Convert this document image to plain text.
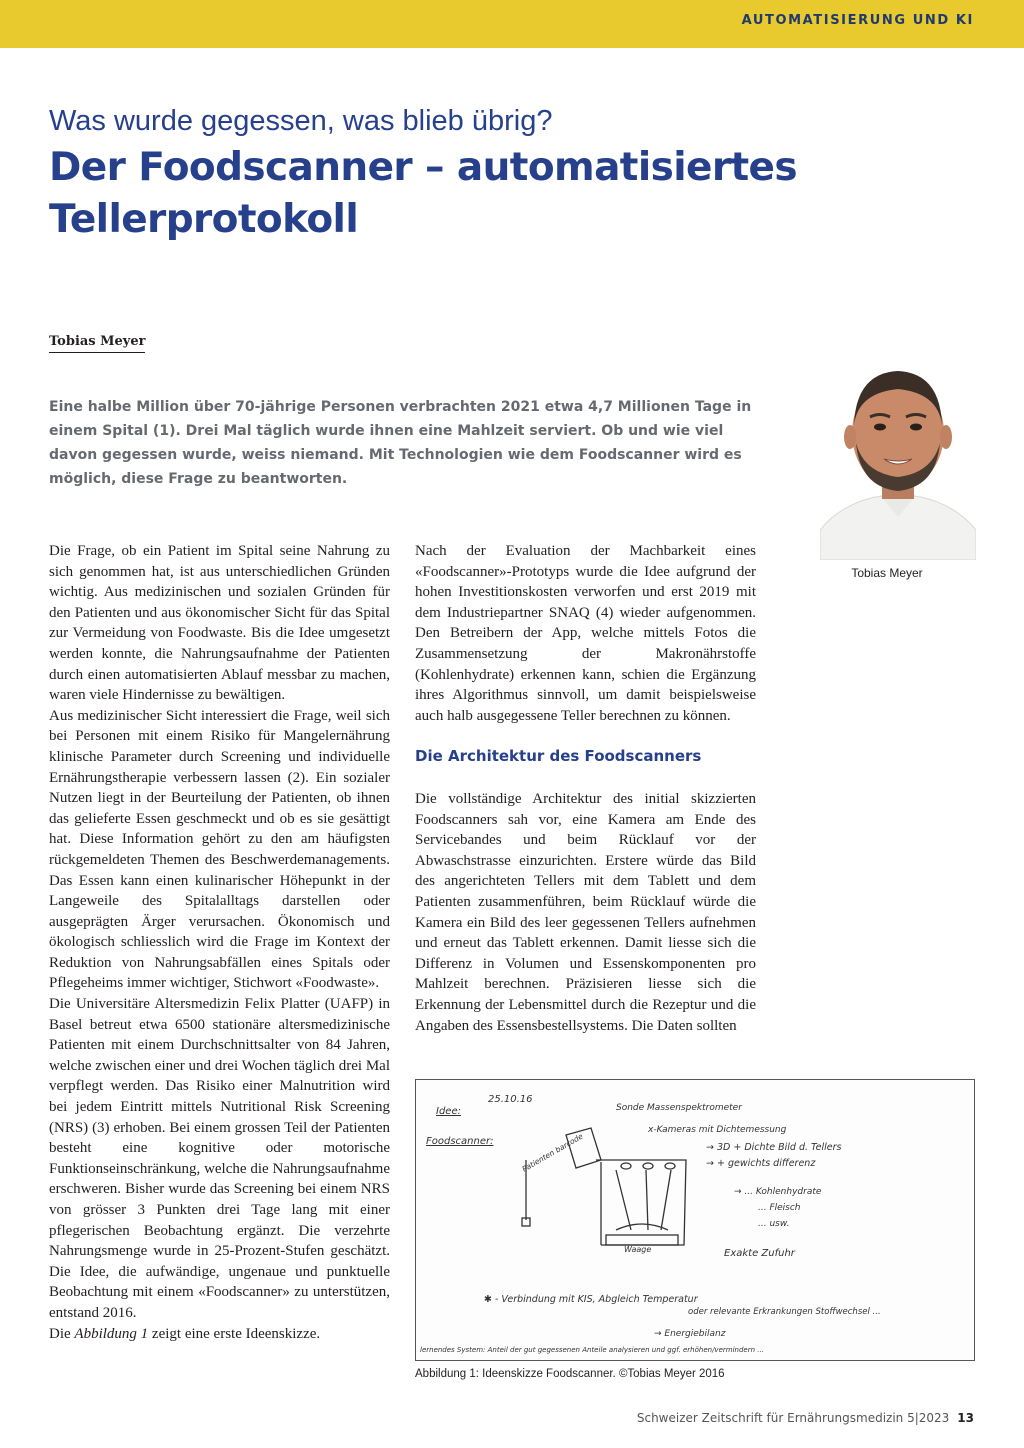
AUTOMATISIERUNG UND KI
Was wurde gegessen, was blieb übrig?
Der Foodscanner – automatisiertes
Tellerprotokoll
Tobias Meyer

Eine halbe Million über 70-jährige Personen verbrachten 2021 etwa 4,7 Millionen Tage in einem Spital (1). Drei Mal täglich wurde ihnen eine Mahlzeit serviert. Ob und wie viel davon gegessen wurde, weiss niemand. Mit Technologien wie dem Foodscanner wird es möglich, diese Frage zu beantworten.

Tobias Meyer

Die Frage, ob ein Patient im Spital seine Nahrung zu sich genommen hat, ist aus unterschiedlichen Gründen wichtig. Aus medizinischen und sozialen Gründen für den Patienten und aus ökonomischer Sicht für das Spital zur Vermeidung von Foodwaste. Bis die Idee umgesetzt werden konnte, die Nahrungsaufnahme der Patienten durch einen automatisierten Ablauf messbar zu machen, waren viele Hindernisse zu bewältigen.

Aus medizinischer Sicht interessiert die Frage, weil sich bei Personen mit einem Risiko für Mangelernährung klinische Parameter durch Screening und individuelle Ernährungstherapie verbessern lassen (2). Ein sozialer Nutzen liegt in der Beurteilung der Patienten, ob ihnen das gelieferte Essen geschmeckt und ob es sie gesättigt hat. Diese Information gehört zu den am häufigsten rückgemeldeten Themen des Beschwerdemanagements. Das Essen kann einen kulinarischer Höhepunkt in der Langeweile des Spitalalltags darstellen oder ausgeprägten Ärger verursachen. Ökonomisch und ökologisch schliesslich wird die Frage im Kontext der Reduktion von Nahrungsabfällen eines Spitals oder Pflegeheims immer wichtiger, Stichwort «Foodwaste».

Die Universitäre Altersmedizin Felix Platter (UAFP) in Basel betreut etwa 6500 stationäre altersmedizinische Patienten mit einem Durchschnittsalter von 84 Jahren, welche zwischen einer und drei Wochen täglich drei Mal verpflegt werden. Das Risiko einer Malnutrition wird bei jedem Eintritt mittels Nutritional Risk Screening (NRS) (3) erhoben. Bei einem grossen Teil der Patienten besteht eine kognitive oder motorische Funktionseinschränkung, welche die Nahrungsaufnahme erschweren. Bisher wurde das Screening bei einem NRS von grösser 3 Punkten drei Tage lang mit einer pflegerischen Beobachtung ergänzt. Die verzehrte Nahrungsmenge wurde in 25-Prozent-Stufen geschätzt. Die Idee, die aufwändige, ungenaue und punktuelle Beobachtung mit einem «Foodscanner» zu unterstützen, entstand 2016.

Die Abbildung 1 zeigt eine erste Ideenskizze.

Nach der Evaluation der Machbarkeit eines «Foodscanner»-Prototyps wurde die Idee aufgrund der hohen Investitionskosten verworfen und erst 2019 mit dem Industriepartner SNAQ (4) wieder aufgenommen. Den Betreibern der App, welche mittels Fotos die Zusammensetzung der Makronährstoffe (Kohlenhydrate) erkennen kann, schien die Ergänzung ihres Algorithmus sinnvoll, um damit beispielsweise auch halb ausgegessene Teller berechnen zu können.

Die Architektur des Foodscanners

Die vollständige Architektur des initial skizzierten Foodscanners sah vor, eine Kamera am Ende des Servicebandes und beim Rücklauf vor der Abwaschstrasse einzurichten. Erstere würde das Bild des angerichteten Tellers mit dem Tablett und dem Patienten zusammenführen, beim Rücklauf würde die Kamera ein Bild des leer gegessenen Tellers aufnehmen und erneut das Tablett erkennen. Damit liesse sich die Differenz in Volumen und Essenskomponenten pro Mahlzeit berechnen. Präzisieren liesse sich die Erkennung der Lebensmittel durch die Rezeptur und die Angaben des Essensbestellsystems. Die Daten sollten

25.10.16
Idee:
Foodscanner:
Sonde Massenspektrometer
x-Kameras mit Dichtemessung
→ 3D + Dichte Bild d. Tellers
→ + gewichts differenz
→ ... Kohlenhydrate
... Fleisch
... usw.
Exakte Zufuhr
Patienten barcode
Waage
✱ - Verbindung mit KIS, Abgleich Temperatur
oder relevante Erkrankungen Stoffwechsel ...
→ Energiebilanz
lernendes System: Anteil der gut gegessenen Anteile analysieren und ggf. erhöhen/vermindern ...
Abbildung 1: Ideenskizze Foodscanner. ©Tobias Meyer 2016
Schweizer Zeitschrift für Ernährungsmedizin 5|2023 13
